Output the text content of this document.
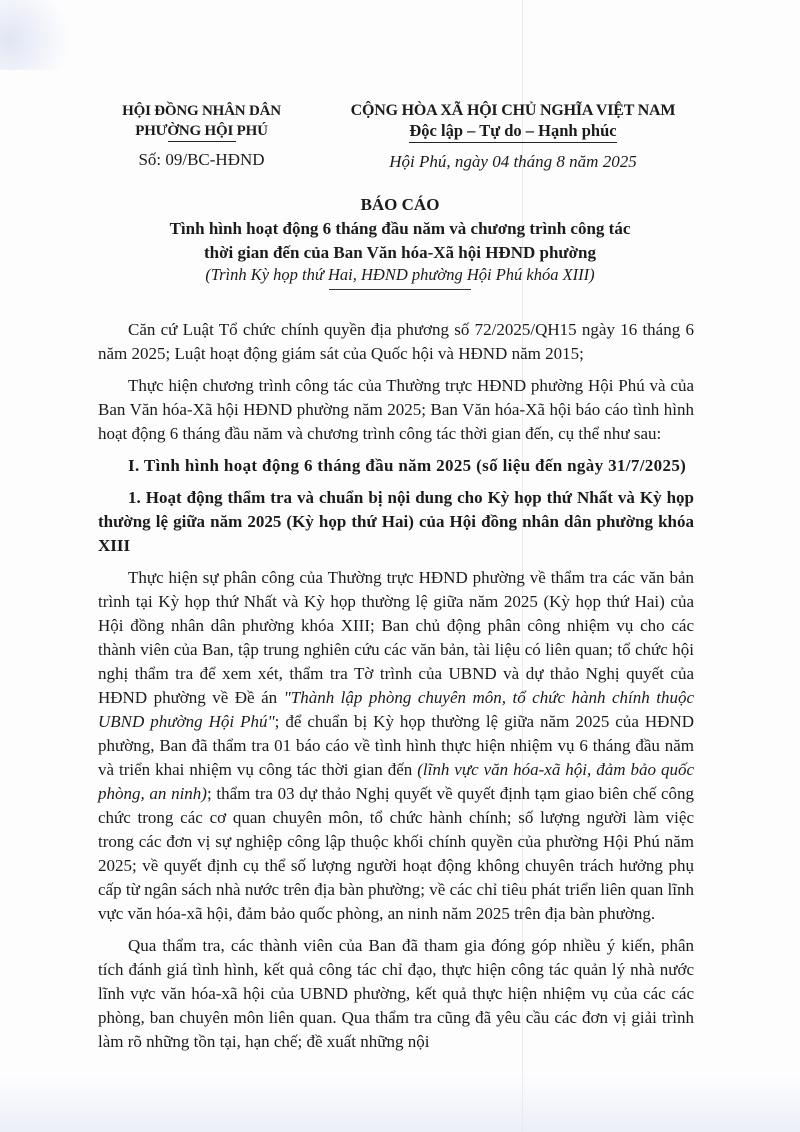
HỘI ĐỒNG NHÂN DÂN
PHƯỜNG HỘI PHÚ
Số: 09/BC-HĐND
CỘNG HÒA XÃ HỘI CHỦ NGHĨA VIỆT NAM
Độc lập – Tự do – Hạnh phúc
Hội Phú, ngày 04 tháng 8 năm 2025
BÁO CÁO
Tình hình hoạt động 6 tháng đầu năm và chương trình công tác
thời gian đến của Ban Văn hóa-Xã hội HĐND phường
(Trình Kỳ họp thứ Hai, HĐND phường Hội Phú khóa XIII)

Căn cứ Luật Tổ chức chính quyền địa phương số 72/2025/QH15 ngày 16 tháng 6 năm 2025; Luật hoạt động giám sát của Quốc hội và HĐND năm 2015;

Thực hiện chương trình công tác của Thường trực HĐND phường Hội Phú và của Ban Văn hóa-Xã hội HĐND phường năm 2025; Ban Văn hóa-Xã hội báo cáo tình hình hoạt động 6 tháng đầu năm và chương trình công tác thời gian đến, cụ thể như sau:

I. Tình hình hoạt động 6 tháng đầu năm 2025 (số liệu đến ngày 31/7/2025)

1. Hoạt động thẩm tra và chuẩn bị nội dung cho Kỳ họp thứ Nhất và Kỳ họp thường lệ giữa năm 2025 (Kỳ họp thứ Hai) của Hội đồng nhân dân phường khóa XIII

Thực hiện sự phân công của Thường trực HĐND phường về thẩm tra các văn bản trình tại Kỳ họp thứ Nhất và Kỳ họp thường lệ giữa năm 2025 (Kỳ họp thứ Hai) của Hội đồng nhân dân phường khóa XIII; Ban chủ động phân công nhiệm vụ cho các thành viên của Ban, tập trung nghiên cứu các văn bản, tài liệu có liên quan; tổ chức hội nghị thẩm tra để xem xét, thẩm tra Tờ trình của UBND và dự thảo Nghị quyết của HĐND phường về Đề án "Thành lập phòng chuyên môn, tổ chức hành chính thuộc UBND phường Hội Phú"; để chuẩn bị Kỳ họp thường lệ giữa năm 2025 của HĐND phường, Ban đã thẩm tra 01 báo cáo về tình hình thực hiện nhiệm vụ 6 tháng đầu năm và triển khai nhiệm vụ công tác thời gian đến (lĩnh vực văn hóa-xã hội, đảm bảo quốc phòng, an ninh); thẩm tra 03 dự thảo Nghị quyết về quyết định tạm giao biên chế công chức trong các cơ quan chuyên môn, tổ chức hành chính; số lượng người làm việc trong các đơn vị sự nghiệp công lập thuộc khối chính quyền của phường Hội Phú năm 2025; về quyết định cụ thể số lượng người hoạt động không chuyên trách hưởng phụ cấp từ ngân sách nhà nước trên địa bàn phường; về các chỉ tiêu phát triển liên quan lĩnh vực văn hóa-xã hội, đảm bảo quốc phòng, an ninh năm 2025 trên địa bàn phường.

Qua thẩm tra, các thành viên của Ban đã tham gia đóng góp nhiều ý kiến, phân tích đánh giá tình hình, kết quả công tác chỉ đạo, thực hiện công tác quản lý nhà nước lĩnh vực văn hóa-xã hội của UBND phường, kết quả thực hiện nhiệm vụ của các các phòng, ban chuyên môn liên quan. Qua thẩm tra cũng đã yêu cầu các đơn vị giải trình làm rõ những tồn tại, hạn chế; đề xuất những nội
